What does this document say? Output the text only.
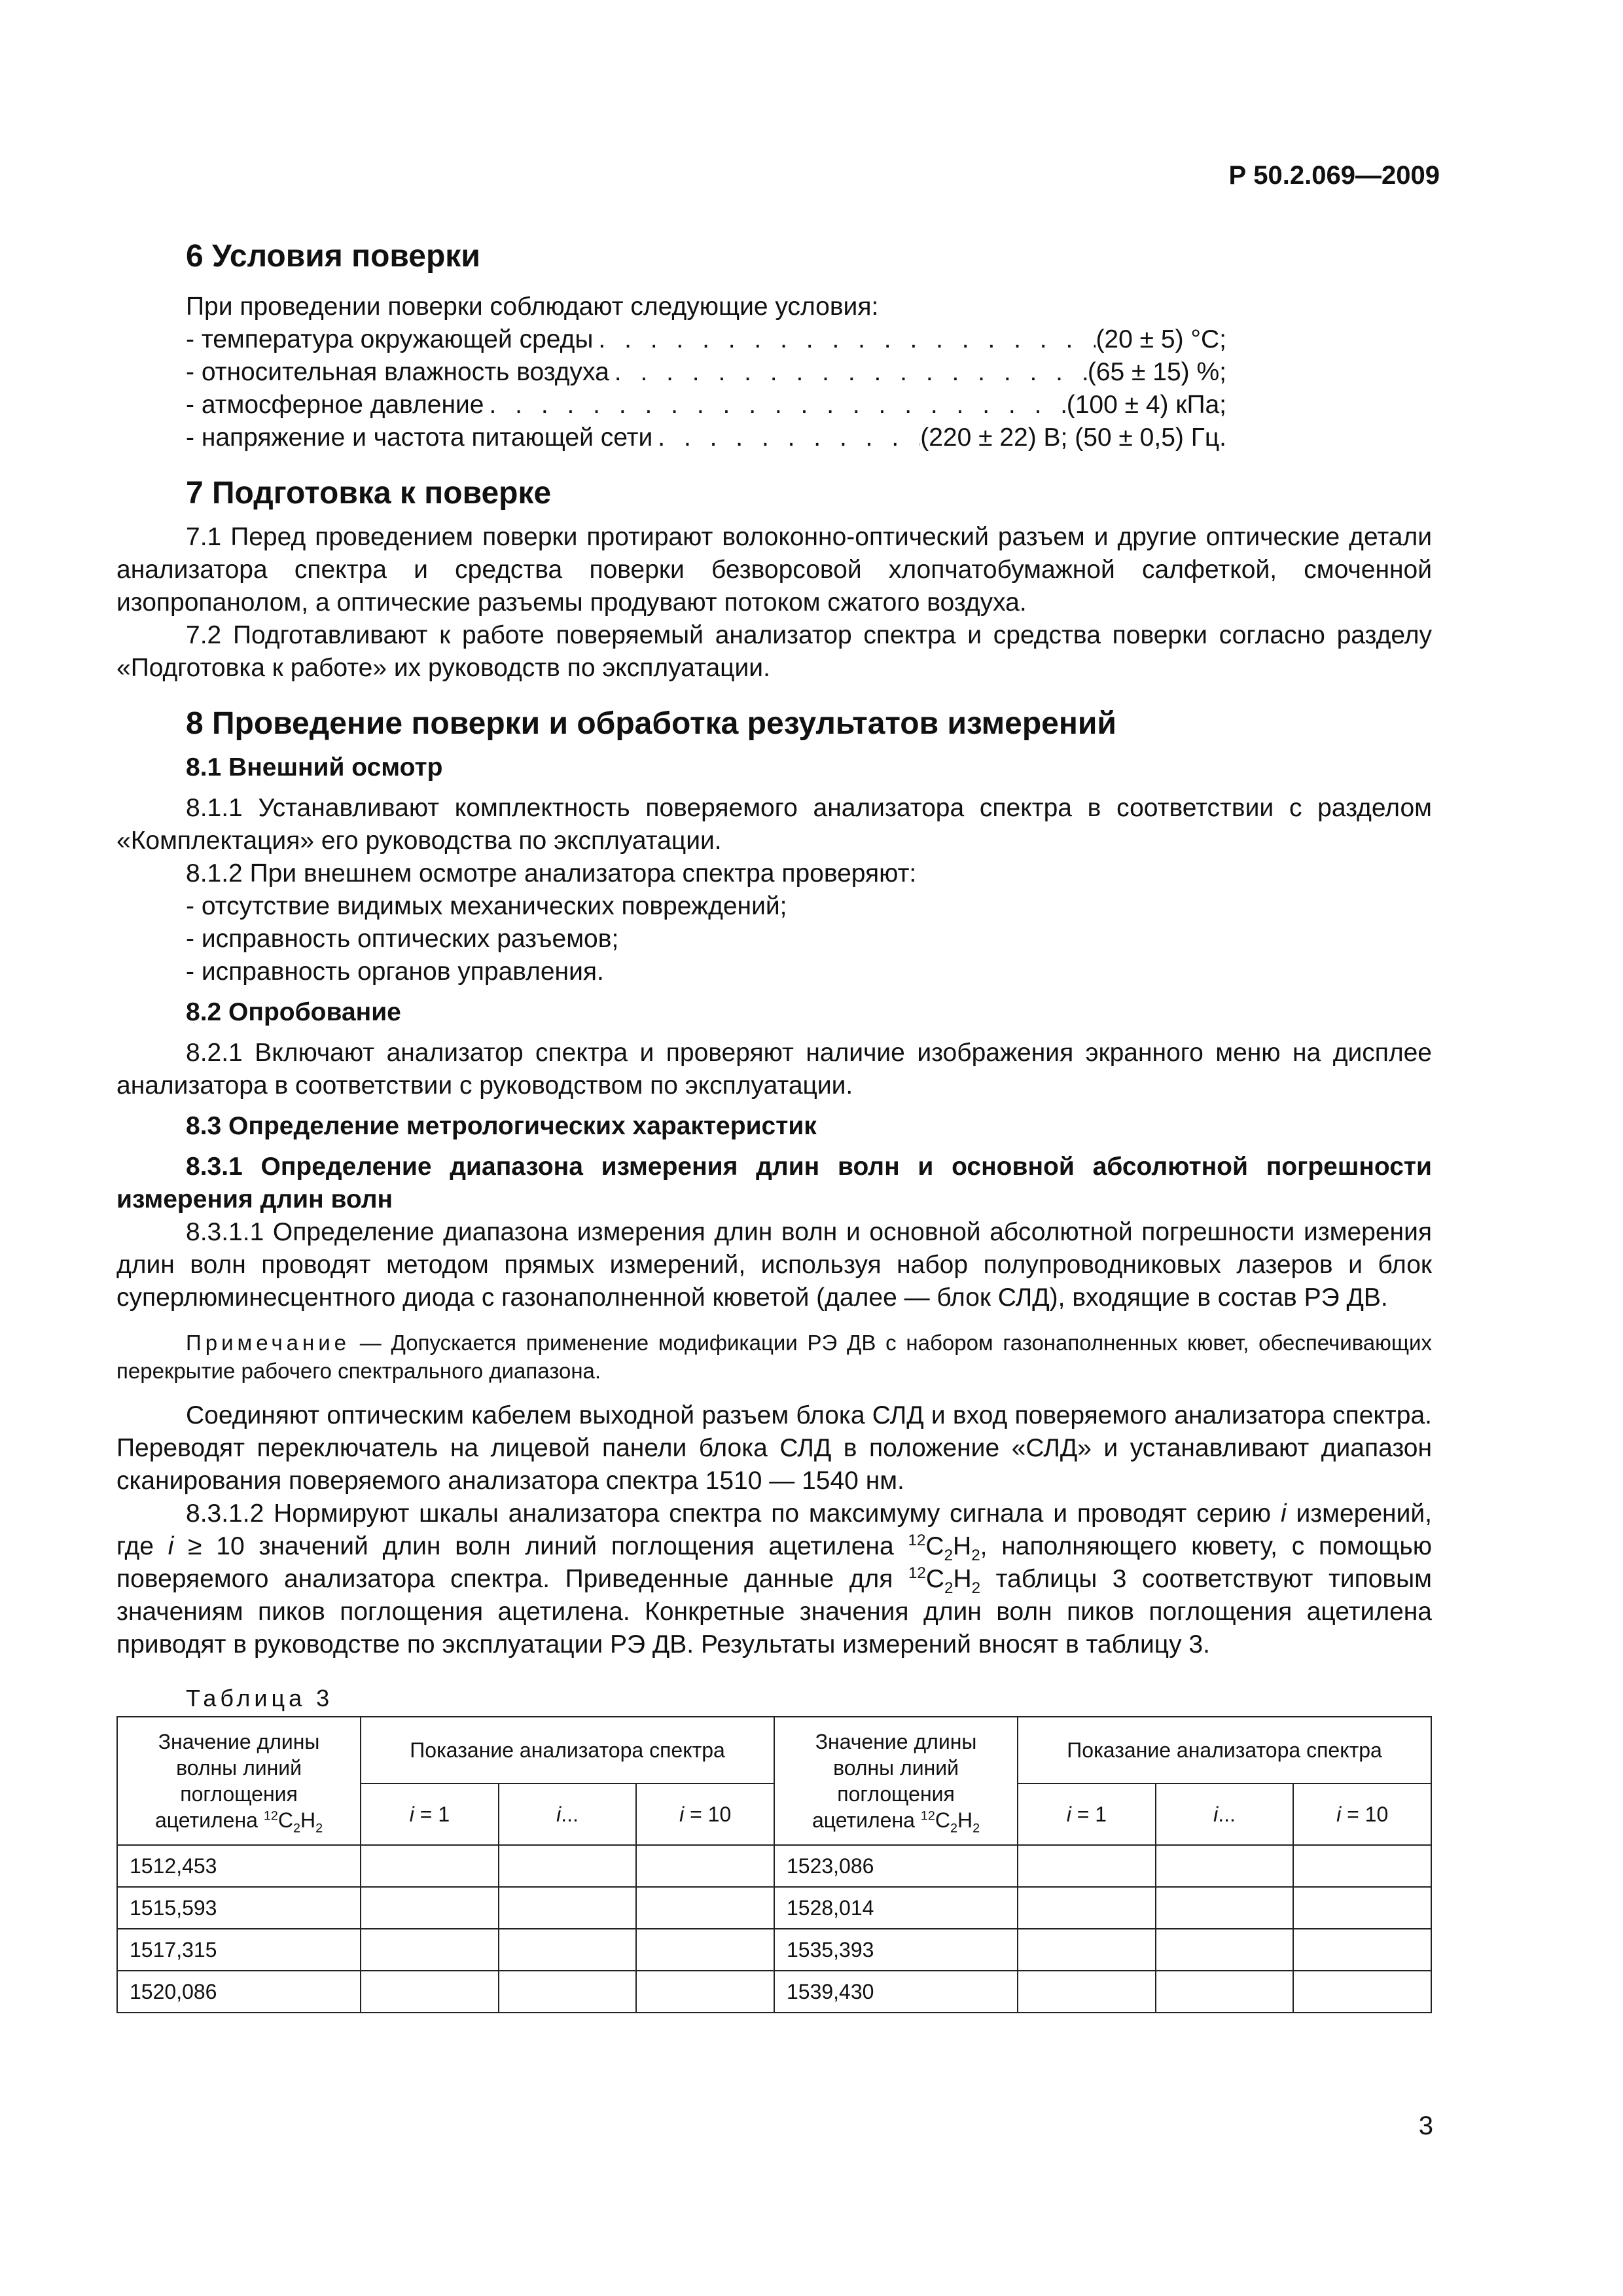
Р 50.2.069—2009
6 Условия поверки

При проведении поверки соблюдают следующие условия:

- температура окружающей среды . . .	(20 ± 5) °С;
- относительная влажность воздуха . . .	(65 ± 15) %;
- атмосферное давление . . .	(100 ± 4) кПа;
- напряжение и частота питающей сети . . .	(220 ± 22) В; (50 ± 0,5) Гц.
7 Подготовка к поверке

7.1 Перед проведением поверки протирают волоконно-оптический разъем и другие оптические детали анализатора спектра и средства поверки безворсовой хлопчатобумажной салфеткой, смоченной изопропанолом, а оптические разъемы продувают потоком сжатого воздуха.

7.2 Подготавливают к работе поверяемый анализатор спектра и средства поверки согласно разделу «Подготовка к работе» их руководств по эксплуатации.

8 Проведение поверки и обработка результатов измерений
8.1 Внешний осмотр

8.1.1 Устанавливают комплектность поверяемого анализатора спектра в соответствии с разделом «Комплектация» его руководства по эксплуатации.

8.1.2 При внешнем осмотре анализатора спектра проверяют:

- отсутствие видимых механических повреждений;
- исправность оптических разъемов;
- исправность органов управления.
8.2 Опробование

8.2.1 Включают анализатор спектра и проверяют наличие изображения экранного меню на дисплее анализатора в соответствии с руководством по эксплуатации.

8.3 Определение метрологических характеристик
8.3.1 Определение диапазона измерения длин волн и основной абсолютной погрешности измерения длин волн

8.3.1.1 Определение диапазона измерения длин волн и основной абсолютной погрешности измерения длин волн проводят методом прямых измерений, используя набор полупроводниковых лазеров и блок суперлюминесцентного диода с газонаполненной кюветой (далее — блок СЛД), входящие в состав РЭ ДВ.

Примечание — Допускается применение модификации РЭ ДВ с набором газонаполненных кювет, обеспечивающих перекрытие рабочего спектрального диапазона.

Соединяют оптическим кабелем выходной разъем блока СЛД и вход поверяемого анализатора спектра. Переводят переключатель на лицевой панели блока СЛД в положение «СЛД» и устанавливают диапазон сканирования поверяемого анализатора спектра 1510 — 1540 нм.

8.3.1.2 Нормируют шкалы анализатора спектра по максимуму сигнала и проводят серию i измерений, где i ≥ 10 значений длин волн линий поглощения ацетилена $^{12}С_2Н_2$, наполняющего кювету, с помощью поверяемого анализатора спектра. Приведенные данные для $^{12}С_2Н_2$ таблицы 3 соответствуют типовым значениям пиков поглощения ацетилена. Конкретные значения длин волн пиков поглощения ацетилена приводят в руководстве по эксплуатации РЭ ДВ. Результаты измерений вносят в таблицу 3.

Таблица 3

Значение длины волны линий поглощения ацетилена $^{12}С_2Н_2$	Показание анализатора спектра			Значение длины волны линий поглощения ацетилена $^{12}С_2Н_2$	Показание анализатора спектра		
	i = 1	i...	i = 10		i = 1	i...	i = 10
1512,453				1523,086			
1515,593				1528,014			
1517,315				1535,393			
1520,086				1539,430			
3
